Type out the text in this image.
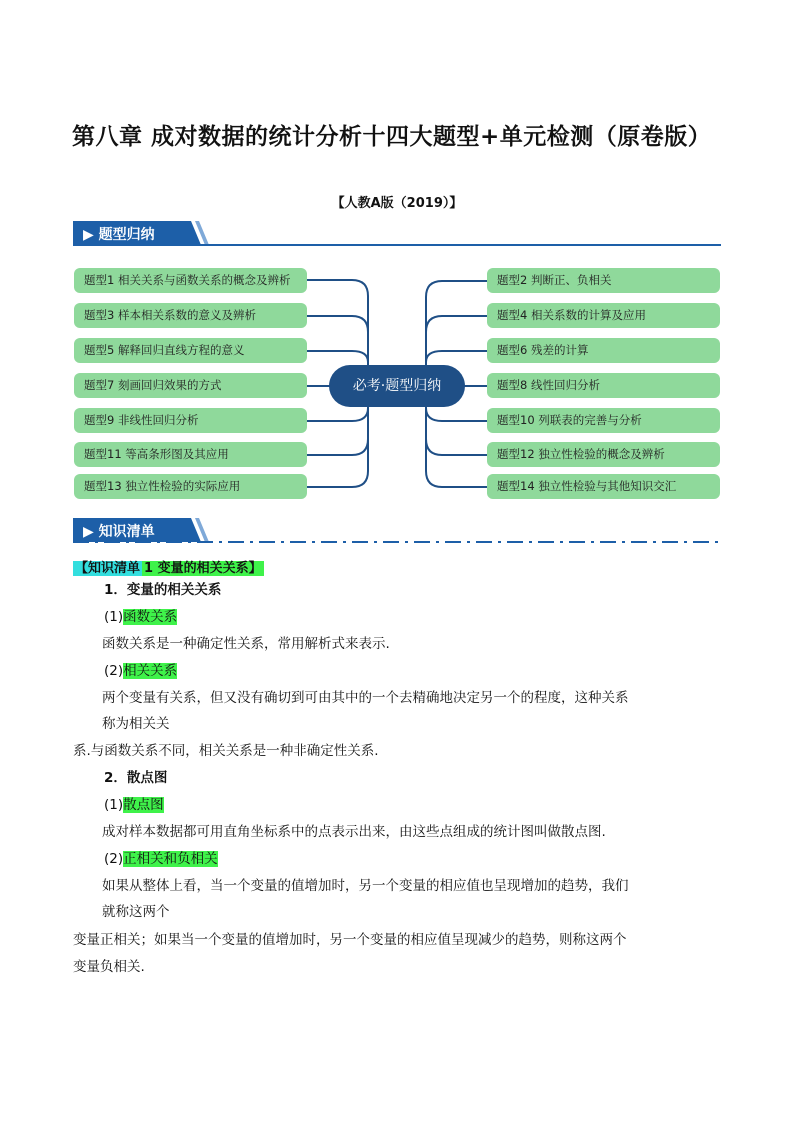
第八章 成对数据的统计分析十四大题型+单元检测（原卷版）
【人教A版（2019）】
▶ 题型归纳
题型1 相关关系与函数关系的概念及辨析
题型3 样本相关系数的意义及辨析
题型5 解释回归直线方程的意义
题型7 刻画回归效果的方式
题型9 非线性回归分析
题型11 等高条形图及其应用
题型13 独立性检验的实际应用
题型2 判断正、负相关
题型4 相关系数的计算及应用
题型6 残差的计算
题型8 线性回归分析
题型10 列联表的完善与分析
题型12 独立性检验的概念及辨析
题型14 独立性检验与其他知识交汇
必考·题型归纳
▶ 知识清单
【知识清单 1 变量的相关关系】
1．变量的相关关系
(1)函数关系
函数关系是一种确定性关系，常用解析式来表示.
(2)相关关系
两个变量有关系，但又没有确切到可由其中的一个去精确地决定另一个的程度，这种关系
称为相关关
系.与函数关系不同，相关关系是一种非确定性关系.
2．散点图
(1)散点图
成对样本数据都可用直角坐标系中的点表示出来，由这些点组成的统计图叫做散点图.
(2)正相关和负相关
如果从整体上看，当一个变量的值增加时，另一个变量的相应值也呈现增加的趋势，我们
就称这两个
变量正相关；如果当一个变量的值增加时，另一个变量的相应值呈现减少的趋势，则称这两个
变量负相关.
